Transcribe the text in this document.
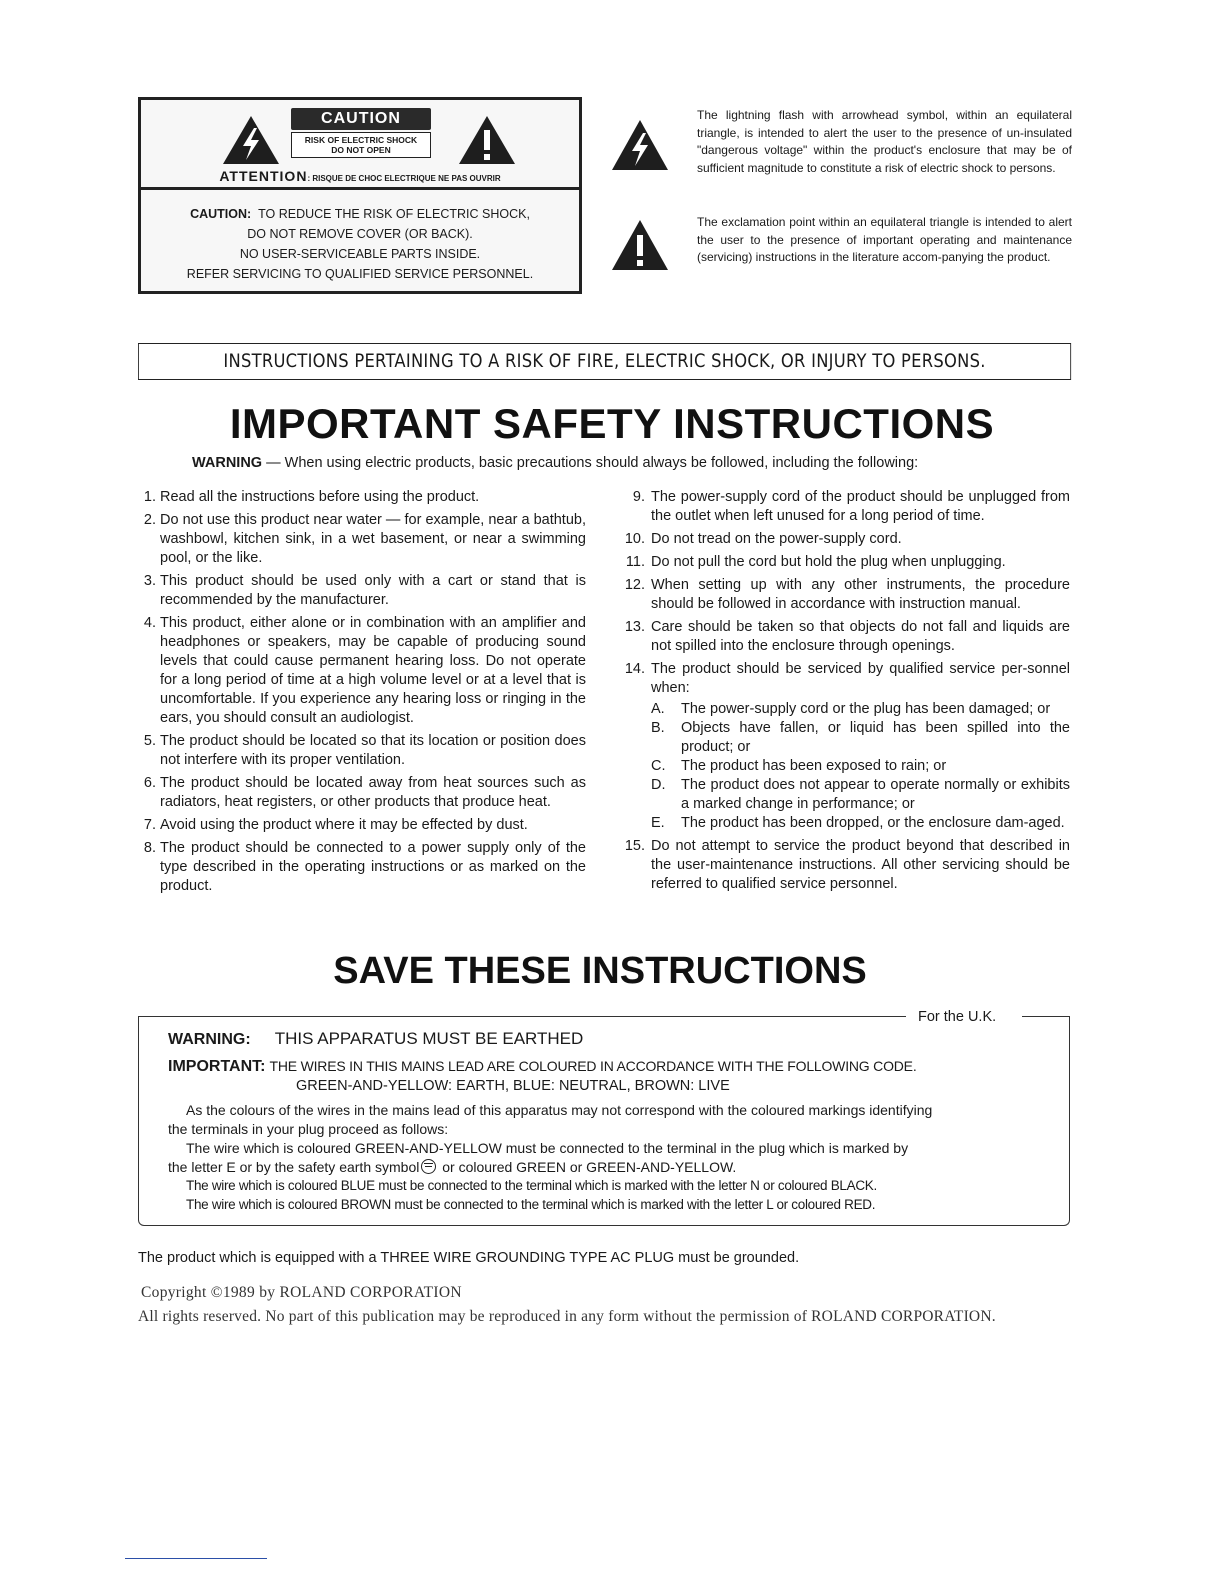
CAUTION
RISK OF ELECTRIC SHOCK
DO NOT OPEN
ATTENTION: RISQUE DE CHOC ELECTRIQUE NE PAS OUVRIR
CAUTION: TO REDUCE THE RISK OF ELECTRIC SHOCK,
DO NOT REMOVE COVER (OR BACK).
NO USER-SERVICEABLE PARTS INSIDE.
REFER SERVICING TO QUALIFIED SERVICE PERSONNEL.
The lightning flash with arrowhead symbol, within an equilateral triangle, is intended to alert the user to the presence of un-insulated "dangerous voltage" within the product's enclosure that may be of sufficient magnitude to constitute a risk of electric shock to persons.
The exclamation point within an equilateral triangle is intended to alert the user to the presence of important operating and maintenance (servicing) instructions in the literature accom-panying the product.
INSTRUCTIONS PERTAINING TO A RISK OF FIRE, ELECTRIC SHOCK, OR INJURY TO PERSONS.
IMPORTANT SAFETY INSTRUCTIONS
WARNING — When using electric products, basic precautions should always be followed, including the following:
1. Read all the instructions before using the product.
2. Do not use this product near water — for example, near a bathtub, washbowl, kitchen sink, in a wet basement, or near a swimming pool, or the like.
3. This product should be used only with a cart or stand that is recommended by the manufacturer.
4. This product, either alone or in combination with an amplifier and headphones or speakers, may be capable of producing sound levels that could cause permanent hearing loss. Do not operate for a long period of time at a high volume level or at a level that is uncomfortable. If you experience any hearing loss or ringing in the ears, you should consult an audiologist.
5. The product should be located so that its location or position does not interfere with its proper ventilation.
6. The product should be located away from heat sources such as radiators, heat registers, or other products that produce heat.
7. Avoid using the product where it may be effected by dust.
8. The product should be connected to a power supply only of the type described in the operating instructions or as marked on the product.
9. The power-supply cord of the product should be unplugged from the outlet when left unused for a long period of time.
10. Do not tread on the power-supply cord.
11. Do not pull the cord but hold the plug when unplugging.
12. When setting up with any other instruments, the procedure should be followed in accordance with instruction manual.
13. Care should be taken so that objects do not fall and liquids are not spilled into the enclosure through openings.
14. The product should be serviced by qualified service per-sonnel when:
A. The power-supply cord or the plug has been damaged; or
B. Objects have fallen, or liquid has been spilled into the product; or
C. The product has been exposed to rain; or
D. The product does not appear to operate normally or exhibits a marked change in performance; or
E. The product has been dropped, or the enclosure dam-aged.
15. Do not attempt to service the product beyond that described in the user-maintenance instructions. All other servicing should be referred to qualified service personnel.
SAVE THESE INSTRUCTIONS
For the U.K.
WARNING: THIS APPARATUS MUST BE EARTHED
IMPORTANT: THE WIRES IN THIS MAINS LEAD ARE COLOURED IN ACCORDANCE WITH THE FOLLOWING CODE.
GREEN-AND-YELLOW: EARTH, BLUE: NEUTRAL, BROWN: LIVE
As the colours of the wires in the mains lead of this apparatus may not correspond with the coloured markings identifying
the terminals in your plug proceed as follows:
The wire which is coloured GREEN-AND-YELLOW must be connected to the terminal in the plug which is marked by
the letter E or by the safety earth symbol or coloured GREEN or GREEN-AND-YELLOW.
The wire which is coloured BLUE must be connected to the terminal which is marked with the letter N or coloured BLACK.
The wire which is coloured BROWN must be connected to the terminal which is marked with the letter L or coloured RED.
The product which is equipped with a THREE WIRE GROUNDING TYPE AC PLUG must be grounded.
Copyright ©1989 by ROLAND CORPORATION
All rights reserved. No part of this publication may be reproduced in any form without the permission of ROLAND CORPORATION.
